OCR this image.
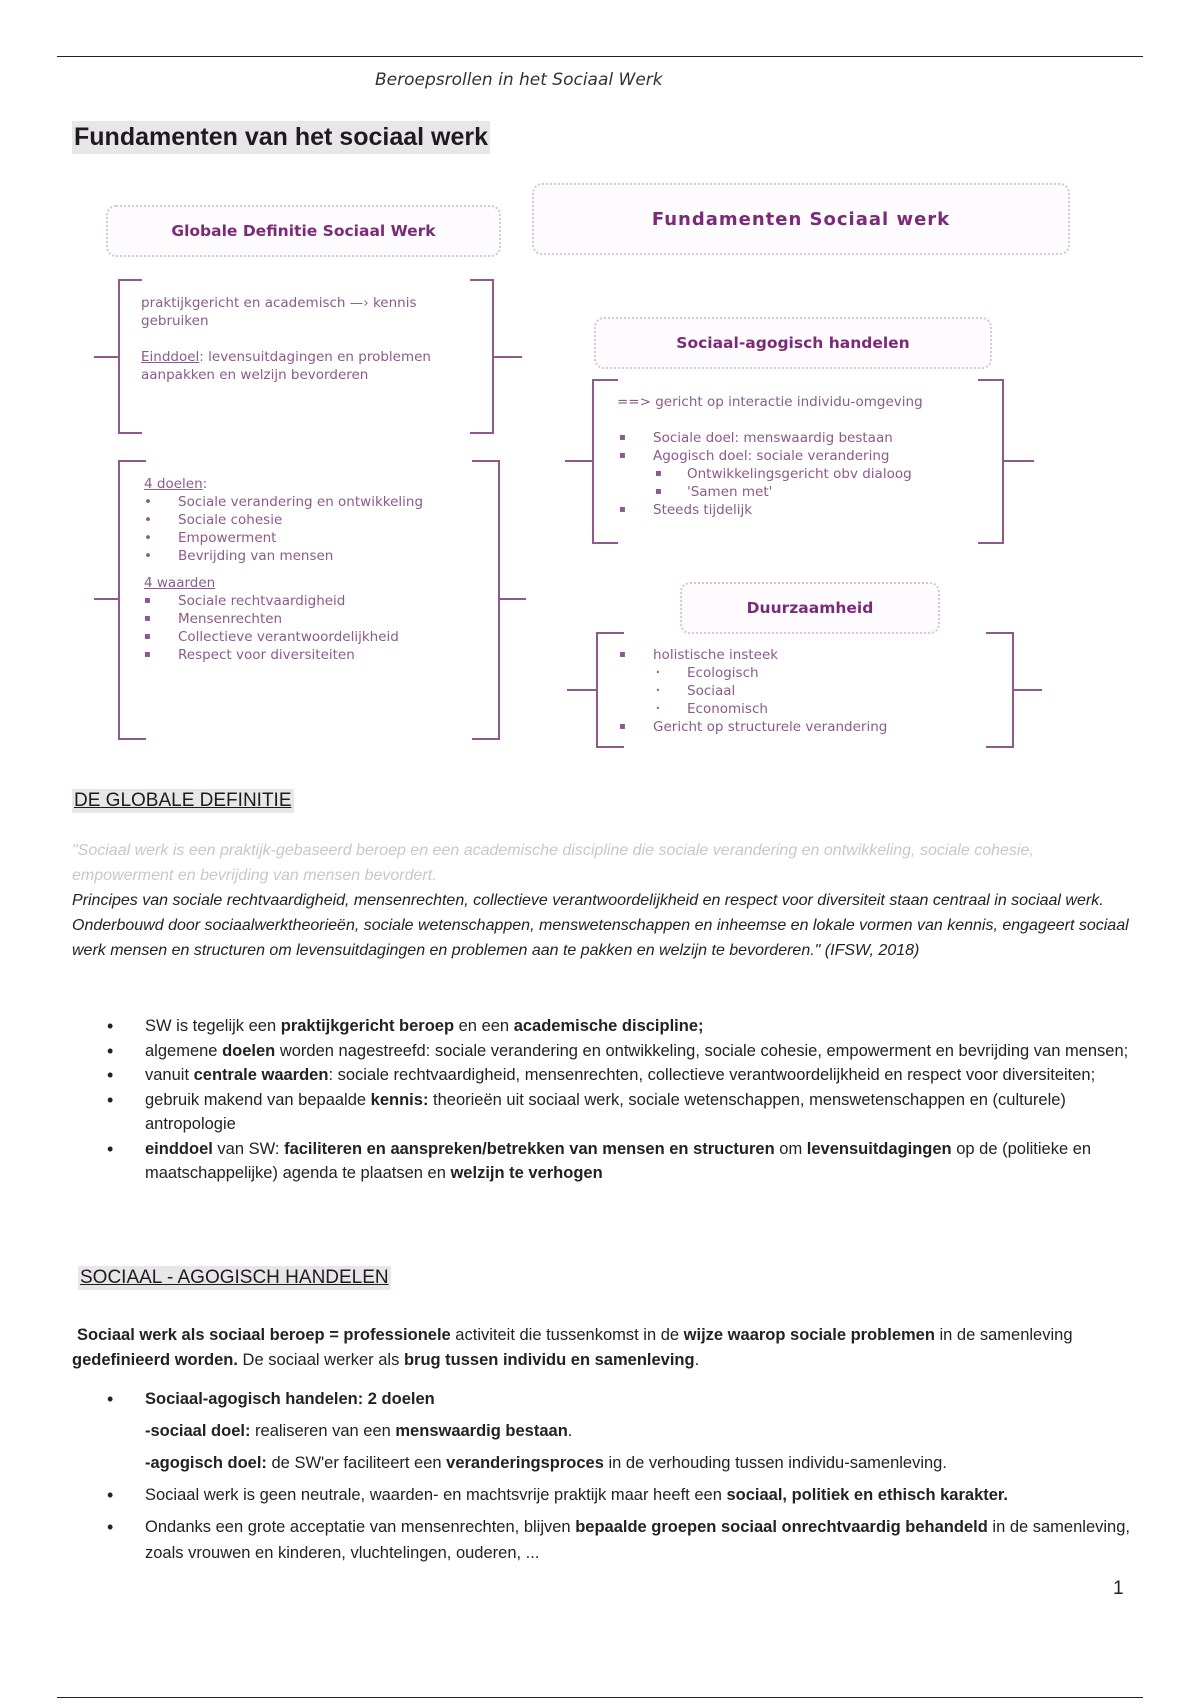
Beroepsrollen in het Sociaal Werk
Fundamenten van het sociaal werk
Globale Definitie Sociaal Werk
Fundamenten Sociaal werk
Sociaal-agogisch handelen
Duurzaamheid
praktijkgericht en academisch —› kennis gebruiken
Einddoel: levensuitdagingen en problemen aanpakken en welzijn bevorderen
4 doelen:
• Sociale verandering en ontwikkeling
• Sociale cohesie
• Empowerment
• Bevrijding van mensen
4 waarden
▪ Sociale rechtvaardigheid
▪ Mensenrechten
▪ Collectieve verantwoordelijkheid
▪ Respect voor diversiteiten
==> gericht op interactie individu-omgeving
▪ Sociale doel: menswaardig bestaan
▪ Agogisch doel: sociale verandering
▪ Ontwikkelingsgericht obv dialoog
▪ 'Samen met'
▪ Steeds tijdelijk
▪ holistische insteek
· Ecologisch
· Sociaal
· Economisch
▪ Gericht op structurele verandering
DE GLOBALE DEFINITIE
"Sociaal werk is een praktijk-gebaseerd beroep en een academische discipline die sociale verandering en ontwikkeling, sociale cohesie, empowerment en bevrijding van mensen bevordert.
Principes van sociale rechtvaardigheid, mensenrechten, collectieve verantwoordelijkheid en respect voor diversiteit staan centraal in sociaal werk. Onderbouwd door sociaalwerktheorieën, sociale wetenschappen, menswetenschappen en inheemse en lokale vormen van kennis, engageert sociaal werk mensen en structuren om levensuitdagingen en problemen aan te pakken en welzijn te bevorderen." (IFSW, 2018)
• SW is tegelijk een praktijkgericht beroep en een academische discipline;
• algemene doelen worden nagestreefd: sociale verandering en ontwikkeling, sociale cohesie, empowerment en bevrijding van mensen;
• vanuit centrale waarden: sociale rechtvaardigheid, mensenrechten, collectieve verantwoordelijkheid en respect voor diversiteiten;
• gebruik makend van bepaalde kennis: theorieën uit sociaal werk, sociale wetenschappen, menswetenschappen en (culturele) antropologie
• einddoel van SW: faciliteren en aanspreken/betrekken van mensen en structuren om levensuitdagingen op de (politieke en maatschappelijke) agenda te plaatsen en welzijn te verhogen
SOCIAAL - AGOGISCH HANDELEN
Sociaal werk als sociaal beroep = professionele activiteit die tussenkomst in de wijze waarop sociale problemen in de samenleving gedefinieerd worden. De sociaal werker als brug tussen individu en samenleving.
• Sociaal-agogisch handelen: 2 doelen
-sociaal doel: realiseren van een menswaardig bestaan.
-agogisch doel: de SW'er faciliteert een veranderingsproces in de verhouding tussen individu-samenleving.
• Sociaal werk is geen neutrale, waarden- en machtsvrije praktijk maar heeft een sociaal, politiek en ethisch karakter.
• Ondanks een grote acceptatie van mensenrechten, blijven bepaalde groepen sociaal onrechtvaardig behandeld in de samenleving, zoals vrouwen en kinderen, vluchtelingen, ouderen, ...
1
